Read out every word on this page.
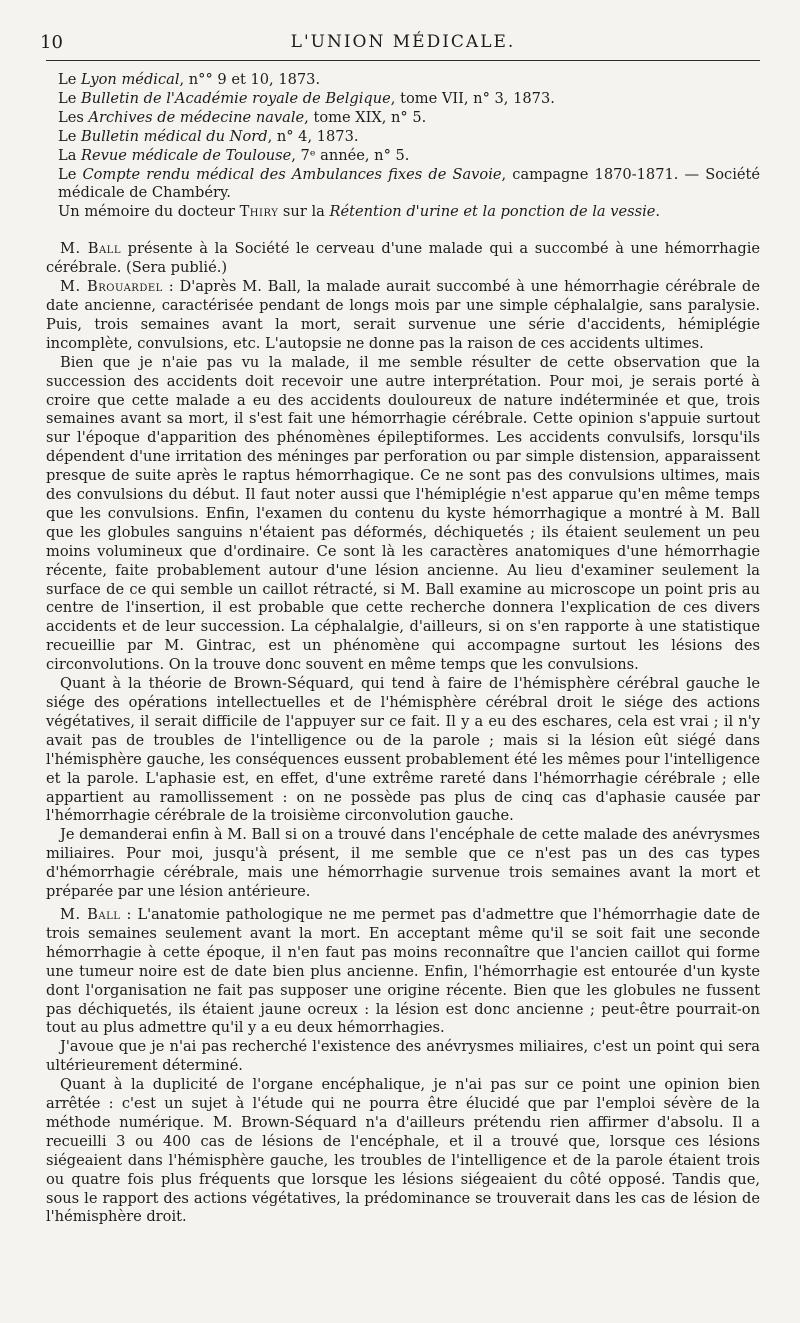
10	L'UNION MÉDICALE.

Le Lyon médical, n°° 9 et 10, 1873.

Le Bulletin de l'Académie royale de Belgique, tome VII, n° 3, 1873.

Les Archives de médecine navale, tome XIX, n° 5.

Le Bulletin médical du Nord, n° 4, 1873.

La Revue médicale de Toulouse, 7ᵉ année, n° 5.

Le Compte rendu médical des Ambulances fixes de Savoie, campagne 1870-1871. — Société médicale de Chambéry.

Un mémoire du docteur Thiry sur la Rétention d'urine et la ponction de la vessie.

M. Ball présente à la Société le cerveau d'une malade qui a succombé à une hémorrhagie cérébrale. (Sera publié.)

M. Brouardel : D'après M. Ball, la malade aurait succombé à une hémorrhagie cérébrale de date ancienne, caractérisée pendant de longs mois par une simple céphalalgie, sans paralysie. Puis, trois semaines avant la mort, serait survenue une série d'accidents, hémiplégie incomplète, convulsions, etc. L'autopsie ne donne pas la raison de ces accidents ultimes.

Bien que je n'aie pas vu la malade, il me semble résulter de cette observation que la succession des accidents doit recevoir une autre interprétation. Pour moi, je serais porté à croire que cette malade a eu des accidents douloureux de nature indéterminée et que, trois semaines avant sa mort, il s'est fait une hémorrhagie cérébrale. Cette opinion s'appuie surtout sur l'époque d'apparition des phénomènes épileptiformes. Les accidents convulsifs, lorsqu'ils dépendent d'une irritation des méninges par perforation ou par simple distension, apparaissent presque de suite après le raptus hémorrhagique. Ce ne sont pas des convulsions ultimes, mais des convulsions du début. Il faut noter aussi que l'hémiplégie n'est apparue qu'en même temps que les convulsions. Enfin, l'examen du contenu du kyste hémorrhagique a montré à M. Ball que les globules sanguins n'étaient pas déformés, déchiquetés ; ils étaient seulement un peu moins volumineux que d'ordinaire. Ce sont là les caractères anatomiques d'une hémorrhagie récente, faite probablement autour d'une lésion ancienne. Au lieu d'examiner seulement la surface de ce qui semble un caillot rétracté, si M. Ball examine au microscope un point pris au centre de l'insertion, il est probable que cette recherche donnera l'explication de ces divers accidents et de leur succession. La céphalalgie, d'ailleurs, si on s'en rapporte à une statistique recueillie par M. Gintrac, est un phénomène qui accompagne surtout les lésions des circonvolutions. On la trouve donc souvent en même temps que les convulsions.

Quant à la théorie de Brown-Séquard, qui tend à faire de l'hémisphère cérébral gauche le siége des opérations intellectuelles et de l'hémisphère cérébral droit le siége des actions végétatives, il serait difficile de l'appuyer sur ce fait. Il y a eu des eschares, cela est vrai ; il n'y avait pas de troubles de l'intelligence ou de la parole ; mais si la lésion eût siégé dans l'hémisphère gauche, les conséquences eussent probablement été les mêmes pour l'intelligence et la parole. L'aphasie est, en effet, d'une extrême rareté dans l'hémorrhagie cérébrale ; elle appartient au ramollissement : on ne possède pas plus de cinq cas d'aphasie causée par l'hémorrhagie cérébrale de la troisième circonvolution gauche.

Je demanderai enfin à M. Ball si on a trouvé dans l'encéphale de cette malade des anévrysmes miliaires. Pour moi, jusqu'à présent, il me semble que ce n'est pas un des cas types d'hémorrhagie cérébrale, mais une hémorrhagie survenue trois semaines avant la mort et préparée par une lésion antérieure.

M. Ball : L'anatomie pathologique ne me permet pas d'admettre que l'hémorrhagie date de trois semaines seulement avant la mort. En acceptant même qu'il se soit fait une seconde hémorrhagie à cette époque, il n'en faut pas moins reconnaître que l'ancien caillot qui forme une tumeur noire est de date bien plus ancienne. Enfin, l'hémorrhagie est entourée d'un kyste dont l'organisation ne fait pas supposer une origine récente. Bien que les globules ne fussent pas déchiquetés, ils étaient jaune ocreux : la lésion est donc ancienne ; peut-être pourrait-on tout au plus admettre qu'il y a eu deux hémorrhagies.

J'avoue que je n'ai pas recherché l'existence des anévrysmes miliaires, c'est un point qui sera ultérieurement déterminé.

Quant à la duplicité de l'organe encéphalique, je n'ai pas sur ce point une opinion bien arrêtée : c'est un sujet à l'étude qui ne pourra être élucidé que par l'emploi sévère de la méthode numérique. M. Brown-Séquard n'a d'ailleurs prétendu rien affirmer d'absolu. Il a recueilli 3 ou 400 cas de lésions de l'encéphale, et il a trouvé que, lorsque ces lésions siégeaient dans l'hémisphère gauche, les troubles de l'intelligence et de la parole étaient trois ou quatre fois plus fréquents que lorsque les lésions siégeaient du côté opposé. Tandis que, sous le rapport des actions végétatives, la prédominance se trouverait dans les cas de lésion de l'hémisphère droit.
